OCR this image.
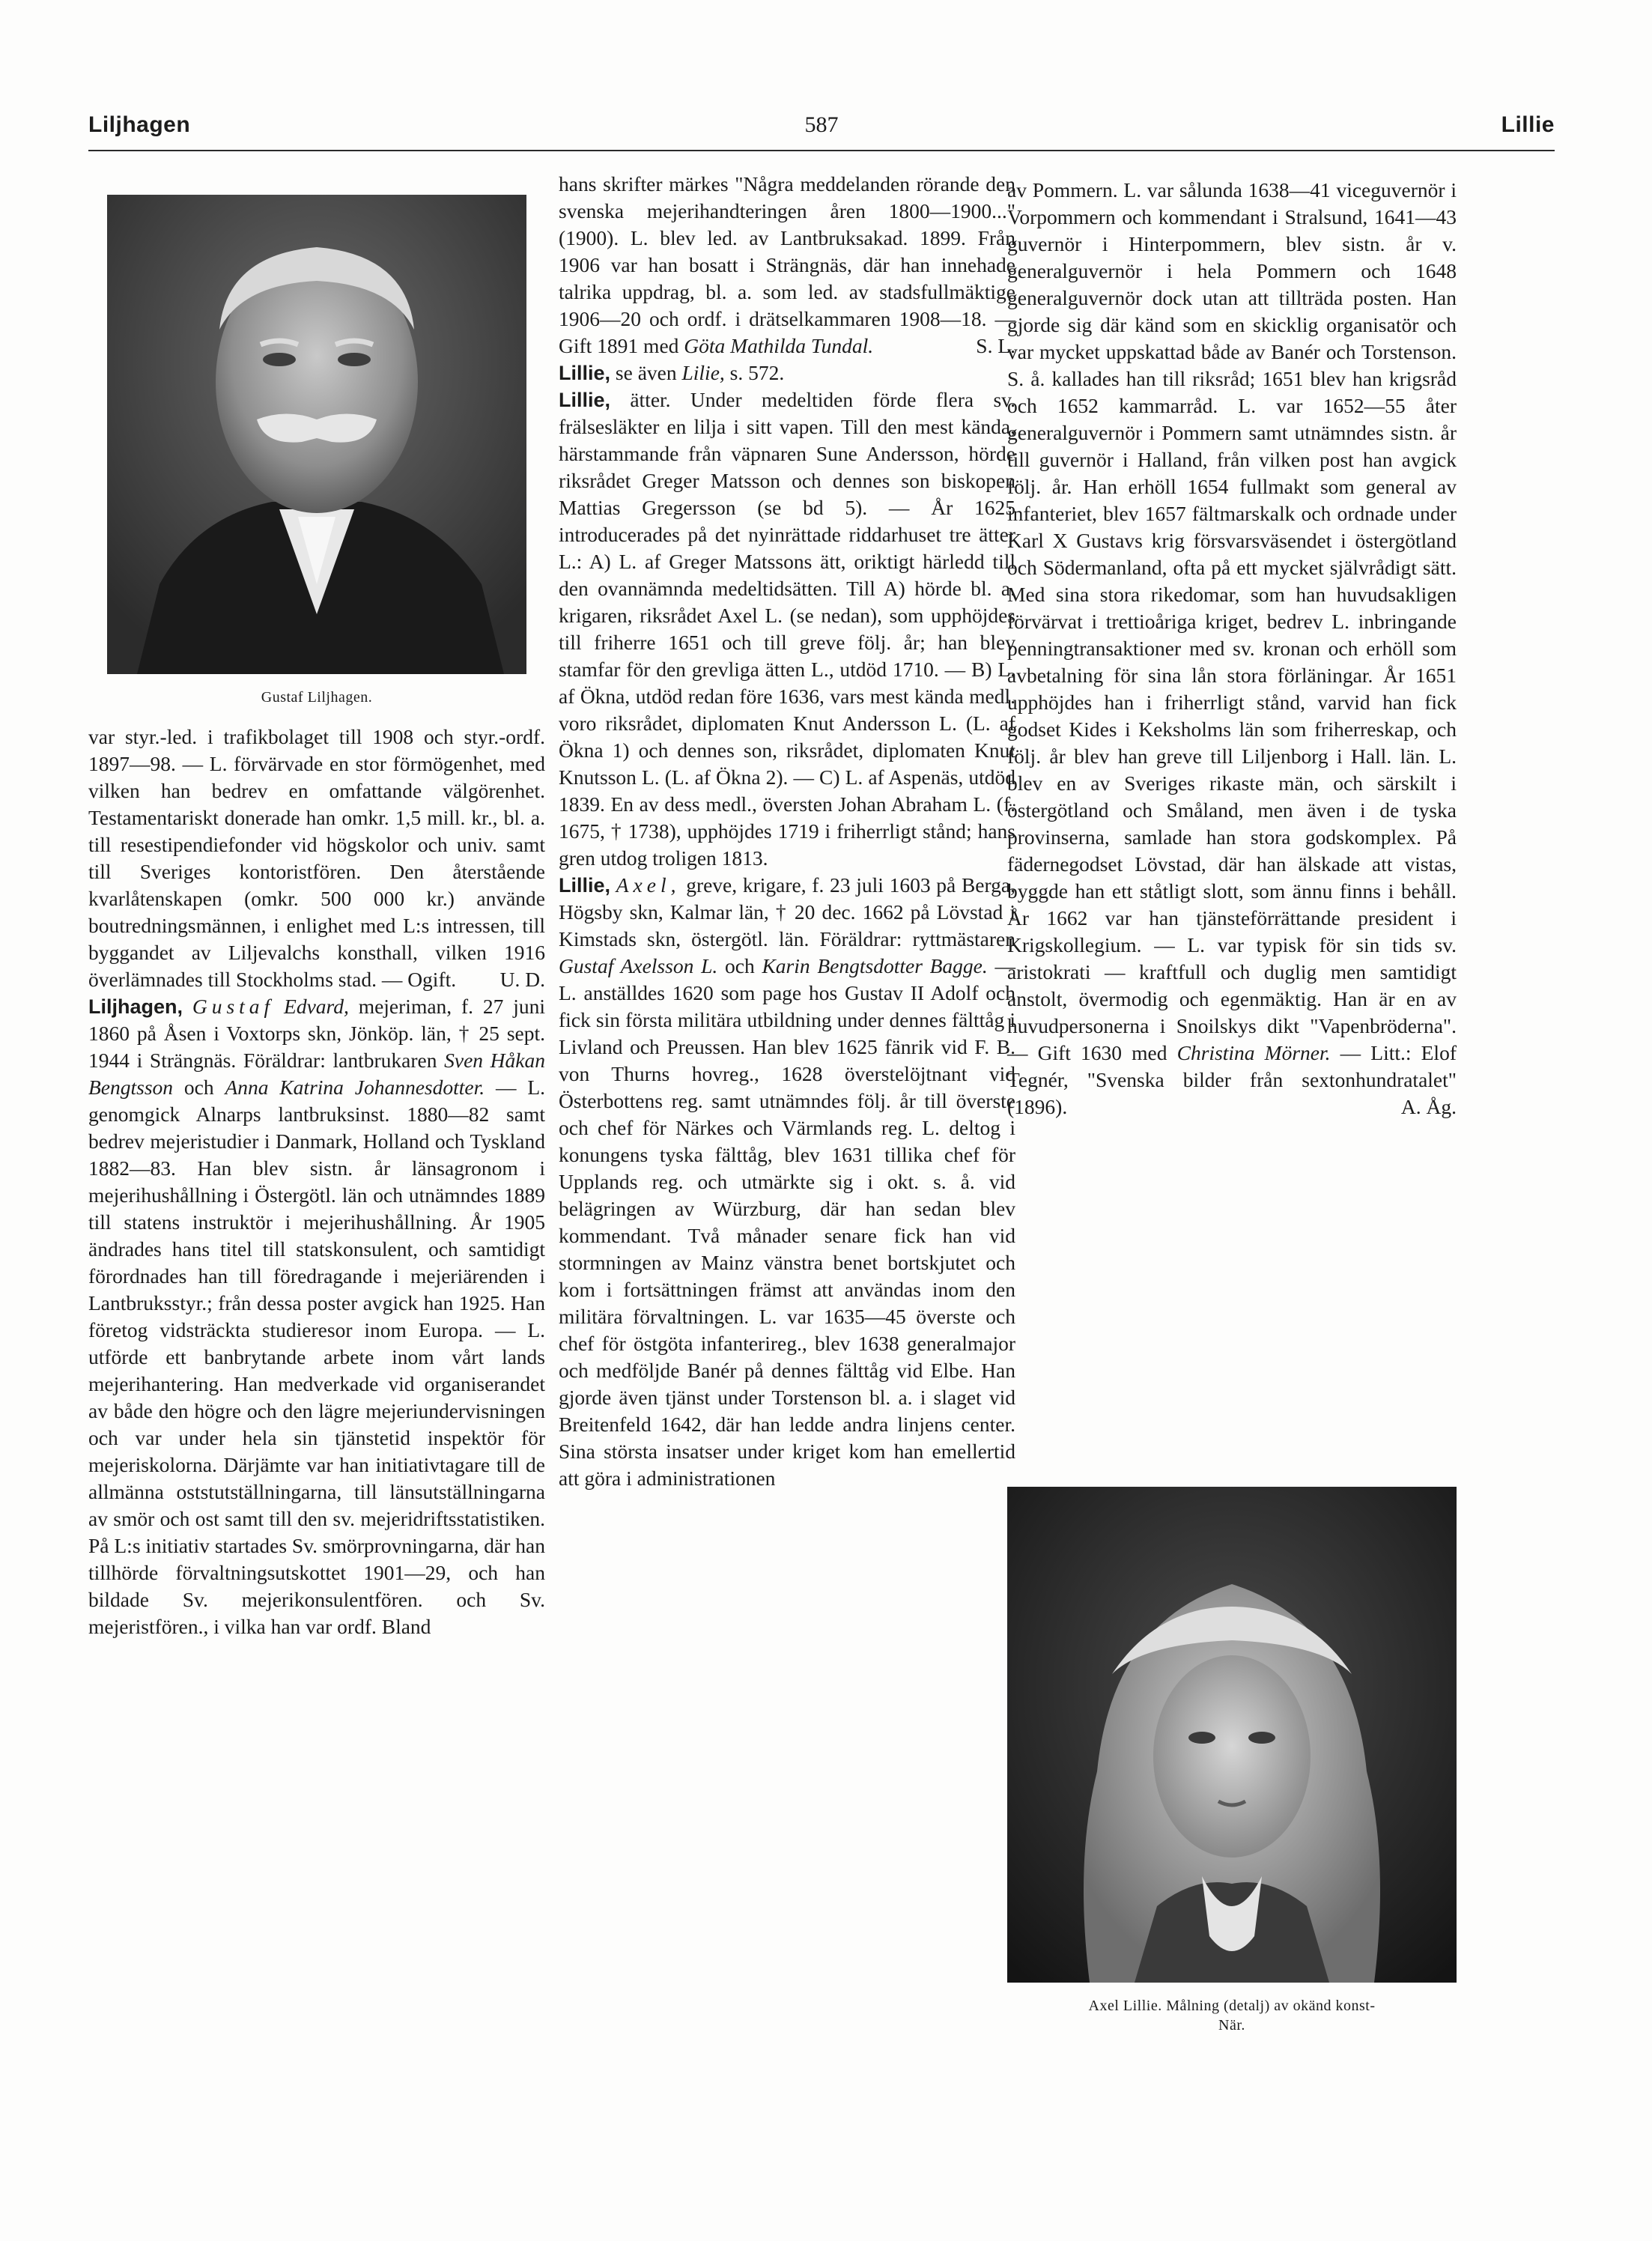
Liljhagen	587	Lillie
Gustaf Liljhagen.

var styr.-led. i trafikbolaget till 1908 och styr.-ordf. 1897—98. — L. förvärvade en stor förmögenhet, med vilken han bedrev en omfattande välgörenhet. Testamentariskt donerade han omkr. 1,5 mill. kr., bl. a. till resestipendiefonder vid högskolor och univ. samt till Sveriges kontoristfören. Den återstående kvarlåtenskapen (omkr. 500 000 kr.) använde boutredningsmännen, i enlighet med L:s intressen, till byggandet av Liljevalchs konsthall, vilken 1916 överlämnades till Stockholms stad. — Ogift. U. D.

Liljhagen, Gustaf Edvard, mejeriman, f. 27 juni 1860 på Åsen i Voxtorps skn, Jönköp. län, † 25 sept. 1944 i Strängnäs. Föräldrar: lantbrukaren Sven Håkan Bengtsson och Anna Katrina Johannesdotter. — L. genomgick Alnarps lantbruksinst. 1880—82 samt bedrev mejeristudier i Danmark, Holland och Tyskland 1882—83. Han blev sistn. år länsagronom i mejerihushållning i Östergötl. län och utnämndes 1889 till statens instruktör i mejerihushållning. År 1905 ändrades hans titel till statskonsulent, och samtidigt förordnades han till föredragande i mejeriärenden i Lantbruksstyr.; från dessa poster avgick han 1925. Han företog vidsträckta studieresor inom Europa. — L. utförde ett banbrytande arbete inom vårt lands mejerihantering. Han medverkade vid organiserandet av både den högre och den lägre mejeriundervisningen och var under hela sin tjänstetid inspektör för mejeriskolorna. Därjämte var han initiativtagare till de allmänna oststutställningarna, till länsutställningarna av smör och ost samt till den sv. mejeridriftsstatistiken. På L:s initiativ startades Sv. smörprovningarna, där han tillhörde förvaltningsutskottet 1901—29, och han bildade Sv. mejerikonsulentfören. och Sv. mejeristfören., i vilka han var ordf. Bland

hans skrifter märkes "Några meddelanden rörande den svenska mejerihandteringen åren 1800—1900..." (1900). L. blev led. av Lantbruksakad. 1899. Från 1906 var han bosatt i Strängnäs, där han innehade talrika uppdrag, bl. a. som led. av stadsfullmäktige 1906—20 och ordf. i drätselkammaren 1908—18. — Gift 1891 med Göta Mathilda Tundal.	S. L.

Lillie, se även Lilie, s. 572.

Lillie, ätter. Under medeltiden förde flera sv. frälsesläkter en lilja i sitt vapen. Till den mest kända, härstammande från väpnaren Sune Andersson, hörde riksrådet Greger Matsson och dennes son biskopen Mattias Gregersson (se bd 5). — År 1625 introducerades på det nyinrättade riddarhuset tre ätter L.: A) L. af Greger Matssons ätt, oriktigt härledd till den ovannämnda medeltidsätten. Till A) hörde bl. a. krigaren, riksrådet Axel L. (se nedan), som upphöjdes till friherre 1651 och till greve följ. år; han blev stamfar för den grevliga ätten L., utdöd 1710. — B) L. af Ökna, utdöd redan före 1636, vars mest kända medl. voro riksrådet, diplomaten Knut Andersson L. (L. af Ökna 1) och dennes son, riksrådet, diplomaten Knut Knutsson L. (L. af Ökna 2). — C) L. af Aspenäs, utdöd 1839. En av dess medl., översten Johan Abraham L. (f. 1675, † 1738), upphöjdes 1719 i friherrligt stånd; hans gren utdog troligen 1813.

Lillie, Axel, greve, krigare, f. 23 juli 1603 på Berga, Högsby skn, Kalmar län, † 20 dec. 1662 på Lövstad i Kimstads skn, östergötl. län. Föräldrar: ryttmästaren Gustaf Axelsson L. och Karin Bengtsdotter Bagge. — L. anställdes 1620 som page hos Gustav II Adolf och fick sin första militära utbildning under dennes fälttåg i Livland och Preussen. Han blev 1625 fänrik vid F. B. von Thurns hovreg., 1628 överstelöjtnant vid Österbottens reg. samt utnämndes följ. år till överste och chef för Närkes och Värmlands reg. L. deltog i konungens tyska fälttåg, blev 1631 tillika chef för Upplands reg. och utmärkte sig i okt. s. å. vid belägringen av Würzburg, där han sedan blev kommendant. Två månader senare fick han vid stormningen av Mainz vänstra benet bortskjutet och kom i fortsättningen främst att användas inom den militära förvaltningen. L. var 1635—45 överste och chef för östgöta infanterireg., blev 1638 generalmajor och medföljde Banér på dennes fälttåg vid Elbe. Han gjorde även tjänst under Torstenson bl. a. i slaget vid Breitenfeld 1642, där han ledde andra linjens center. Sina största insatser under kriget kom han emellertid att göra i administrationen

av Pommern. L. var sålunda 1638—41 viceguvernör i Vorpommern och kommendant i Stralsund, 1641—43 guvernör i Hinterpommern, blev sistn. år v. generalguvernör i hela Pommern och 1648 generalguvernör dock utan att tillträda posten. Han gjorde sig där känd som en skicklig organisatör och var mycket uppskattad både av Banér och Torstenson. S. å. kallades han till riksråd; 1651 blev han krigsråd och 1652 kammarråd. L. var 1652—55 åter generalguvernör i Pommern samt utnämndes sistn. år till guvernör i Halland, från vilken post han avgick följ. år. Han erhöll 1654 fullmakt som general av infanteriet, blev 1657 fältmarskalk och ordnade under Karl X Gustavs krig försvarsväsendet i östergötland och Södermanland, ofta på ett mycket självrådigt sätt. Med sina stora rikedomar, som han huvudsakligen förvärvat i trettioåriga kriget, bedrev L. inbringande penningtransaktioner med sv. kronan och erhöll som avbetalning för sina lån stora förläningar. År 1651 upphöjdes han i friherrligt stånd, varvid han fick godset Kides i Keksholms län som friherreskap, och följ. år blev han greve till Liljenborg i Hall. län. L. blev en av Sveriges rikaste män, och särskilt i östergötland och Småland, men även i de tyska provinserna, samlade han stora godskomplex. På fädernegodset Lövstad, där han älskade att vistas, byggde han ett ståtligt slott, som ännu finns i behåll. År 1662 var han tjänsteförrättande president i Krigskollegium. — L. var typisk för sin tids sv. aristokrati — kraftfull och duglig men samtidigt anstolt, övermodig och egenmäktig. Han är en av huvudpersonerna i Snoilskys dikt "Vapenbröderna". — Gift 1630 med Christina Mörner. — Litt.: Elof Tegnér, "Svenska bilder från sextonhundratalet" (1896).	A. Åg.

Axel Lillie. Målning (detalj) av okänd konst-
När.
